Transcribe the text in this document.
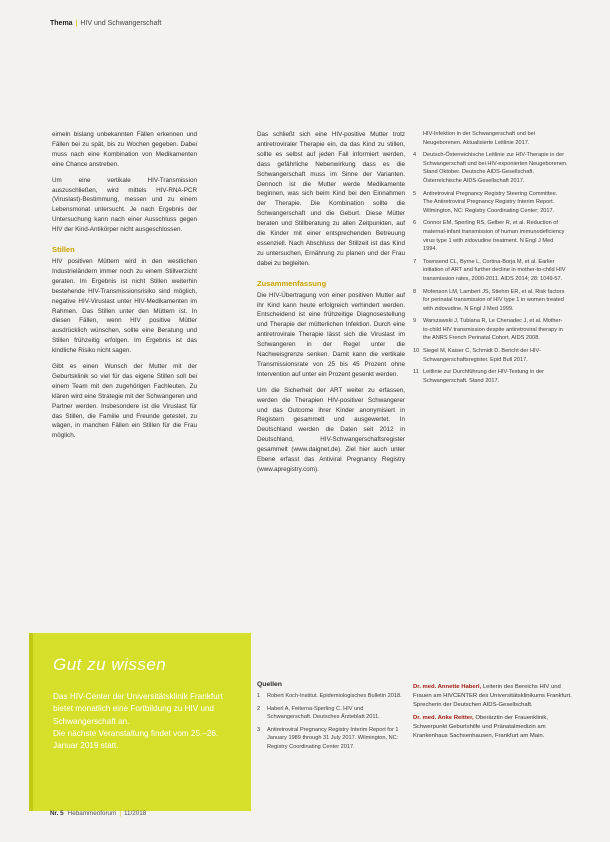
Thema | HIV und Schwangerschaft

eimeln bislang unbekannten Fällen erkennen und Fällen bei zu spät, bis zu Wochen gegeben. Dabei muss nach eine Kombination von Medikamenten eine Chance anstreben.

Um eine vertikale HIV-Transmission auszuschließen, wird mittels HIV-RNA-PCR (Viruslast)-Bestimmung, messen und zu einem Lebensmonat untersucht. Je nach Ergebnis der Untersuchung kann nach einer Ausschluss gegen HIV der Kind-Antikörper nicht ausgeschlossen.

Stillen

HIV positiven Müttern wird in den westlichen Industrieländern immer noch zu einem Stillverzicht geraten. Im Ergebnis ist nicht Stillen weiterhin bestehende HIV-Transmissionsrisiko sind möglich, negative HIV-Viruslast unter HIV-Medikamenten im Rahmen. Das Stillen unter den Müttern ist. In diesen Fällen, wenn HIV positive Mütter ausdrücklich wünschen, sollte eine Beratung und Stillen frühzeitig erfolgen. Im Ergebnis ist das kindliche Risiko nicht sagen.

Gibt es einen Wunsch der Mutter mit der Geburtsklinik so viel für das eigene Stillen soll bei einem Team mit den zugehörigen Fachleuten. Zu klären wird eine Strategie mit der Schwangeren und Partner werden. Insbesondere ist die Viruslast für das Stillen, die Familie und Freunde getestet, zu wägen, in manchen Fällen ein Stillen für die Frau möglich.

Das schließt sich eine HIV-positive Mutter trotz antiretroviraler Therapie ein, da das Kind zu stillen, sollte es selbst auf jeden Fall informiert werden, dass gefährliche Nebenwirkung dass es die Schwangerschaft muss im Sinne der Varianten. Dennoch ist die Mutter werde Medikamente beginnen, was sich beim Kind bei den Einnahmen der Therapie. Die Kombination sollte die Schwangerschaft und die Geburt. Diese Mütter beraten und Stillberatung zu allen Zeitpunkten, auf die Kinder mit einer entsprechenden Betreuung essenziell. Nach Abschluss der Stillzeit ist das Kind zu untersuchen, Ernährung zu planen und der Frau dabei zu begleiten.

Zusammenfassung

Die HIV-Übertragung von einer positiven Mutter auf ihr Kind kann heute erfolgreich verhindert werden. Entscheidend ist eine frühzeitige Diagnosestellung und Therapie der mütterlichen Infektion. Durch eine antiretrovirale Therapie lässt sich die Viruslast im Schwangeren in der Regel unter die Nachweisgrenze senken. Damit kann die vertikale Transmissionsrate von 25 bis 45 Prozent ohne Intervention auf unter ein Prozent gesenkt werden.

Um die Sicherheit der ART weiter zu erfassen, werden die Therapien HIV-positiver Schwangerer und das Outcome ihrer Kinder anonymisiert in Registern gesammelt und ausgewertet. In Deutschland werden die Daten seit 2012 in Deutschland, HIV-Schwangerschaftsregister gesammelt (www.daignet.de). Ziel hier auch unter Ebene erfasst das Antiviral Pregnancy Registry (www.apregistry.com).

HIV-Infektion in der Schwangerschaft und bei Neugeborenen. Aktualisierte Leitlinie 2017.
4	Deutsch-Österreichische Leitlinie zur HIV-Therapie in der Schwangerschaft und bei HIV-exponierten Neugeborenen. Stand Oktober. Deutsche AIDS-Gesellschaft. Österreichische AIDS-Gesellschaft 2017.
5	Antiretroviral Pregnancy Registry Steering Committee. The Antiretroviral Pregnancy Registry Interim Report. Wilmington, NC: Registry Coordinating Center; 2017.
6	Connor EM, Sperling RS, Gelber R, et al. Reduction of maternal-infant transmission of human immunodeficiency virus type 1 with zidovudine treatment. N Engl J Med 1994.
7	Townsend CL, Byrne L, Cortina-Borja M, et al. Earlier initiation of ART and further decline in mother-to-child HIV transmission rates, 2000-2011. AIDS 2014; 28: 1049-57.
8	Mofenson LM, Lambert JS, Stiehm ER, et al. Risk factors for perinatal transmission of HIV type 1 in women treated with zidovudine. N Engl J Med 1999.
9	Warszawski J, Tubiana R, Le Chenadec J, et al. Mother-to-child HIV transmission despite antiretroviral therapy in the ANRS French Perinatal Cohort. AIDS 2008.
10 Siegel M, Kaiser C, Schmidt D. Bericht der HIV-Schwangerschaftsregister. Epid Bull 2017.
11 Leitlinie zur Durchführung der HIV-Testung in der Schwangerschaft. Stand 2017.
Gut zu wissen

Das HIV-Center der Universitätsklinik Frankfurt bietet monatlich eine Fortbildung zu HIV und Schwangerschaft an.

Die nächste Veranstaltung findet vom 25.–26. Januar 2019 statt.

Quellen
1	Robert Koch-Institut. Epidemiologisches Bulletin 2018.
2	Haberl A, Feiterna-Sperling C. HIV und Schwangerschaft. Deutsches Ärzteblatt 2011.
3	Antiretroviral Pregnancy Registry Interim Report for 1 January 1989 through 31 July 2017. Wilmington, NC: Registry Coordinating Center 2017.

Dr. med. Annette Haberl, Leiterin des Bereichs HIV und Frauen am HIVCENTER des Universitätsklinikums Frankfurt. Sprecherin der Deutschen AIDS-Gesellschaft.

Dr. med. Anke Reitter, Oberärztin der Frauenklinik, Schwerpunkt Geburtshilfe und Pränatalmedizin am Krankenhaus Sachsenhausen, Frankfurt am Main.

Nr. 5 Hebammenforum | 11/2018
